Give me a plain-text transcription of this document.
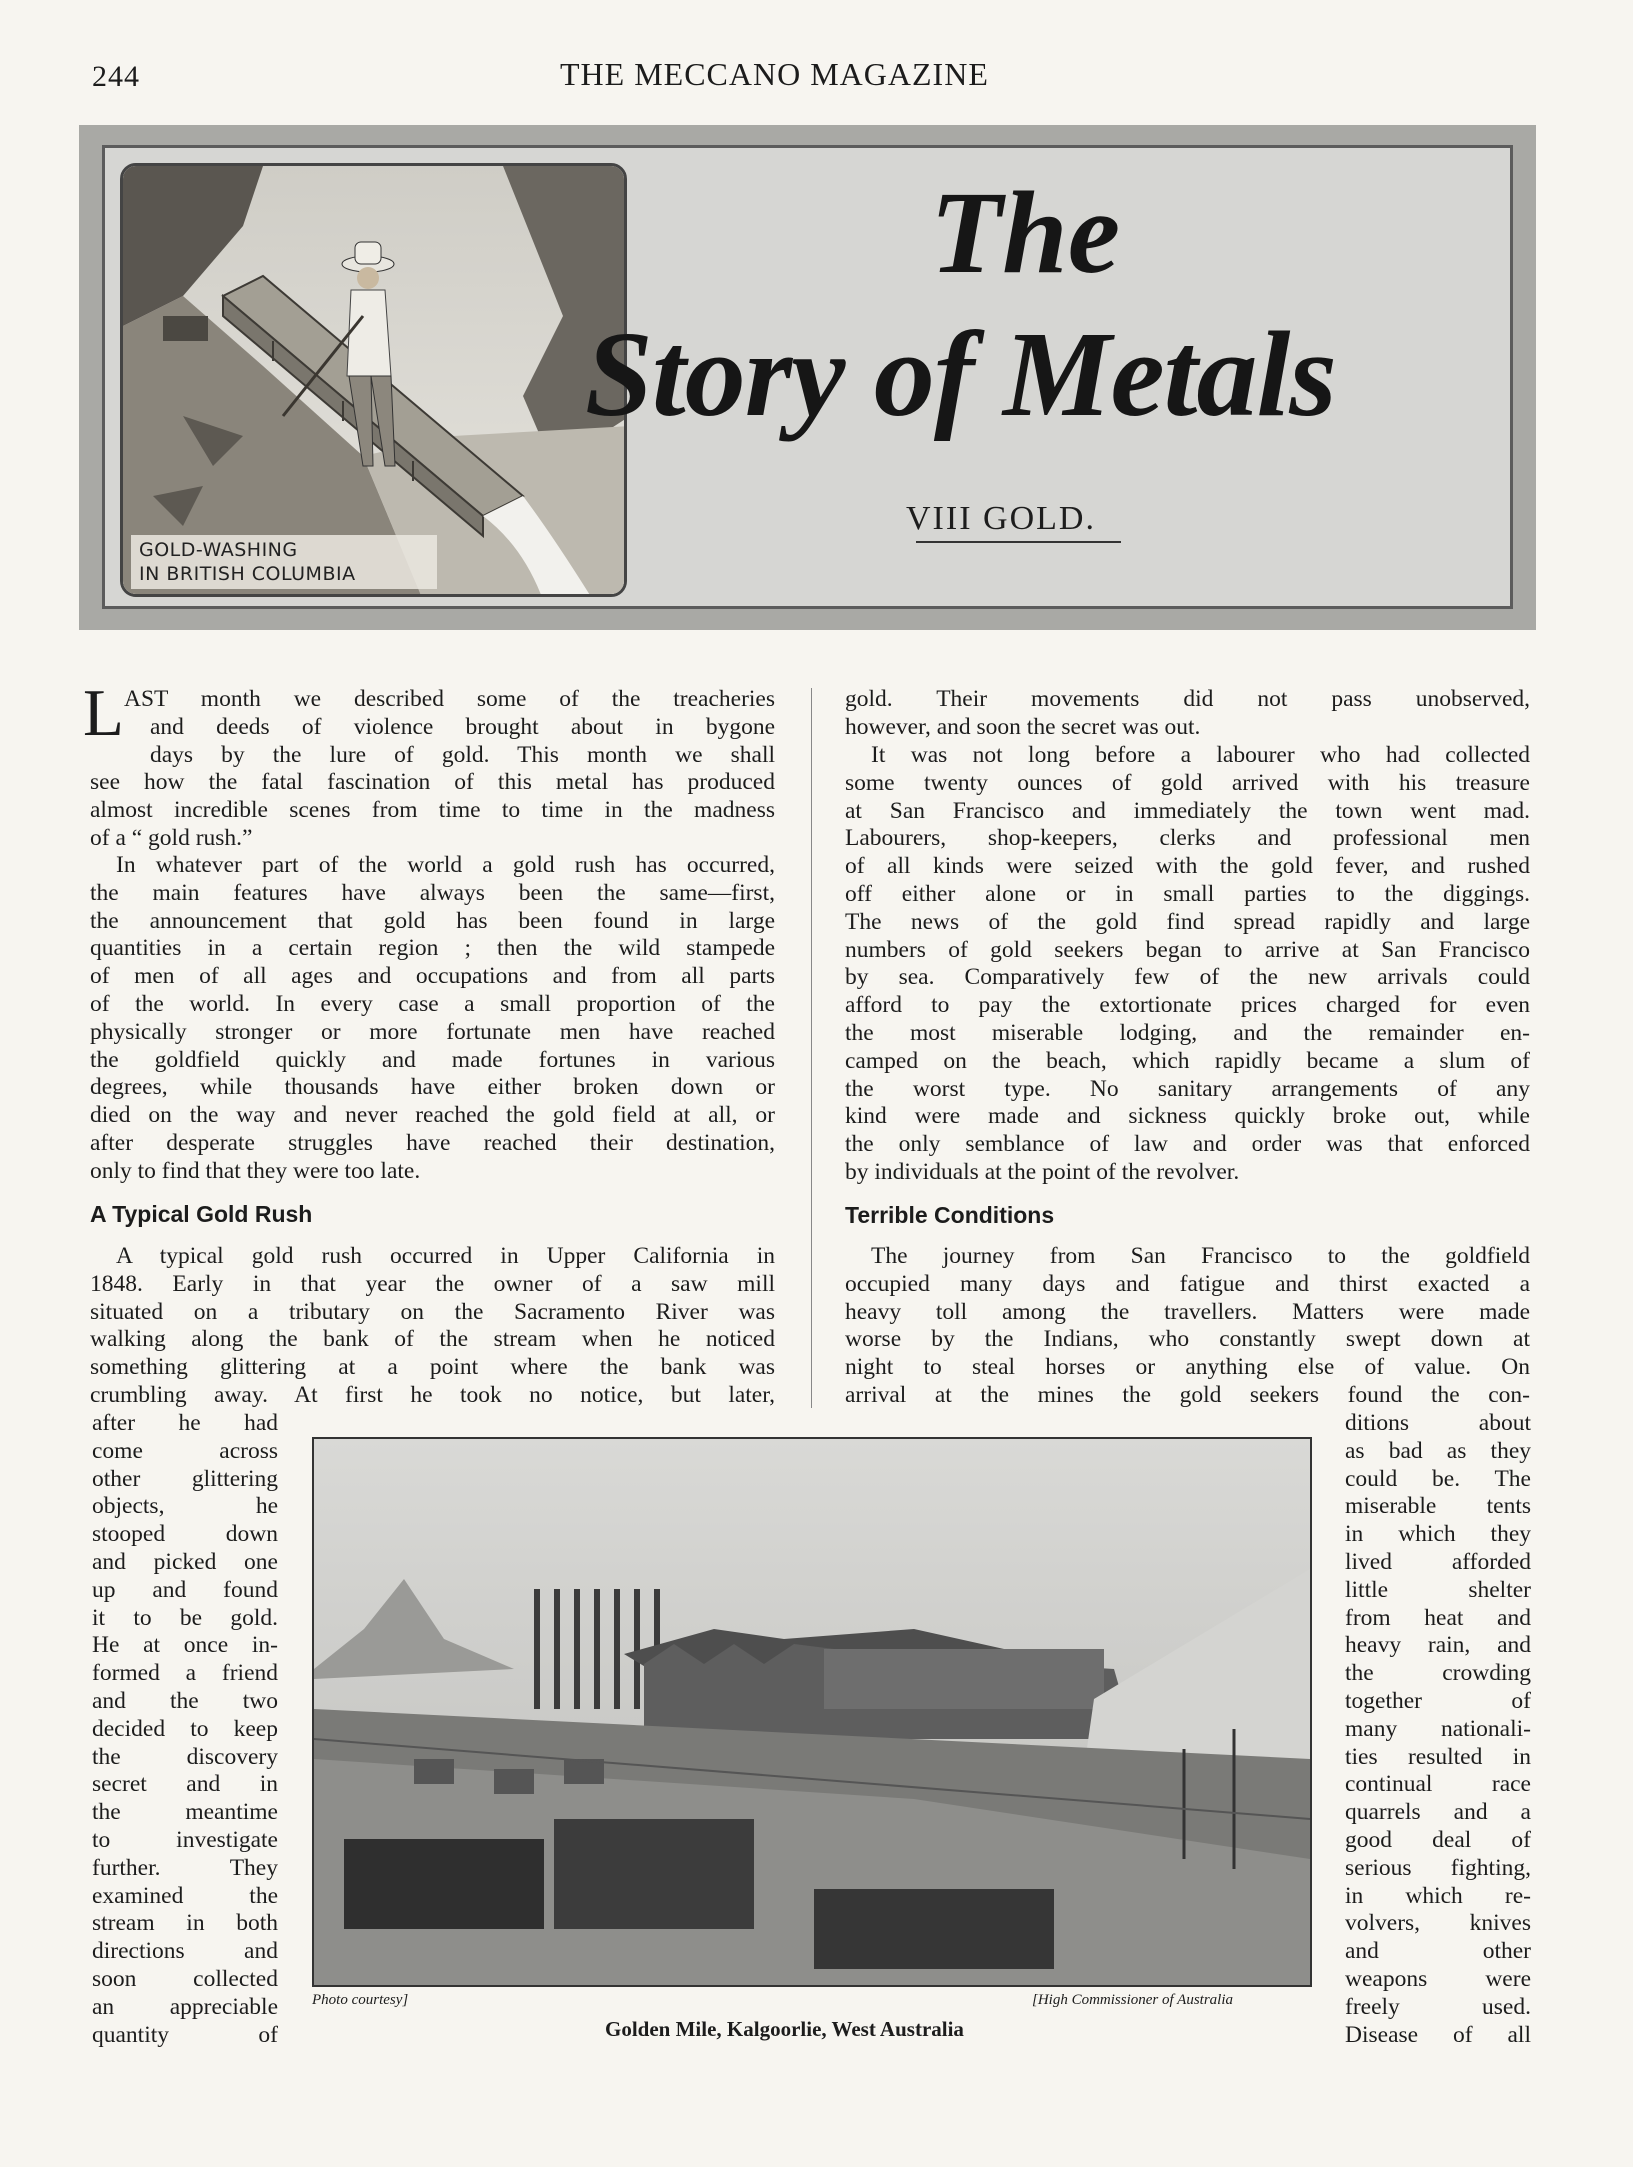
244	THE MECCANO MAGAZINE
GOLD-WASHING
IN BRITISH COLUMBIA
The
Story of Metals
VIII GOLD.
L AST month we described some of the treacheries
and deeds of violence brought about in bygone
days by the lure of gold. This month we shall
see how the fatal fascination of this metal has produced
almost incredible scenes from time to time in the madness
of a “ gold rush.”
In whatever part of the world a gold rush has occurred,
the main features have always been the same—first,
the announcement that gold has been found in large
quantities in a certain region ; then the wild stampede
of men of all ages and occupations and from all parts
of the world. In every case a small proportion of the
physically stronger or more fortunate men have reached
the goldfield quickly and made fortunes in various
degrees, while thousands have either broken down or
died on the way and never reached the gold field at all, or
after desperate struggles have reached their destination,
only to find that they were too late.
A typical gold rush occurred in Upper California in
1848. Early in that year the owner of a saw mill
situated on a tributary on the Sacramento River was
walking along the bank of the stream when he noticed
something glittering at a point where the bank was
crumbling away. At first he took no notice, but later,
after he had
come across
other glittering
objects, he
stooped down
and picked one
up and found
it to be gold.
He at once in-
formed a friend
and the two
decided to keep
the discovery
secret and in
the meantime
to investigate
further. They
examined the
stream in both
directions and
soon collected
an appreciable
quantity of
gold. Their movements did not pass unobserved,
however, and soon the secret was out.
It was not long before a labourer who had collected
some twenty ounces of gold arrived with his treasure
at San Francisco and immediately the town went mad.
Labourers, shop-keepers, clerks and professional men
of all kinds were seized with the gold fever, and rushed
off either alone or in small parties to the diggings.
The news of the gold find spread rapidly and large
numbers of gold seekers began to arrive at San Francisco
by sea. Comparatively few of the new arrivals could
afford to pay the extortionate prices charged for even
the most miserable lodging, and the remainder en-
camped on the beach, which rapidly became a slum of
the worst type. No sanitary arrangements of any
kind were made and sickness quickly broke out, while
the only semblance of law and order was that enforced
by individuals at the point of the revolver.
The journey from San Francisco to the goldfield
occupied many days and fatigue and thirst exacted a
heavy toll among the travellers. Matters were made
worse by the Indians, who constantly swept down at
night to steal horses or anything else of value. On
arrival at the mines the gold seekers found the con-
ditions about
as bad as they
could be. The
miserable tents
in which they
lived afforded
little shelter
from heat and
heavy rain, and
the crowding
together of
many nationali-
ties resulted in
continual race
quarrels and a
good deal of
serious fighting,
in which re-
volvers, knives
and other
weapons were
freely used.
Disease of all
A Typical Gold Rush	Terrible Conditions
Photo courtesy]	[High Commissioner of Australia
Golden Mile, Kalgoorlie, West Australia
